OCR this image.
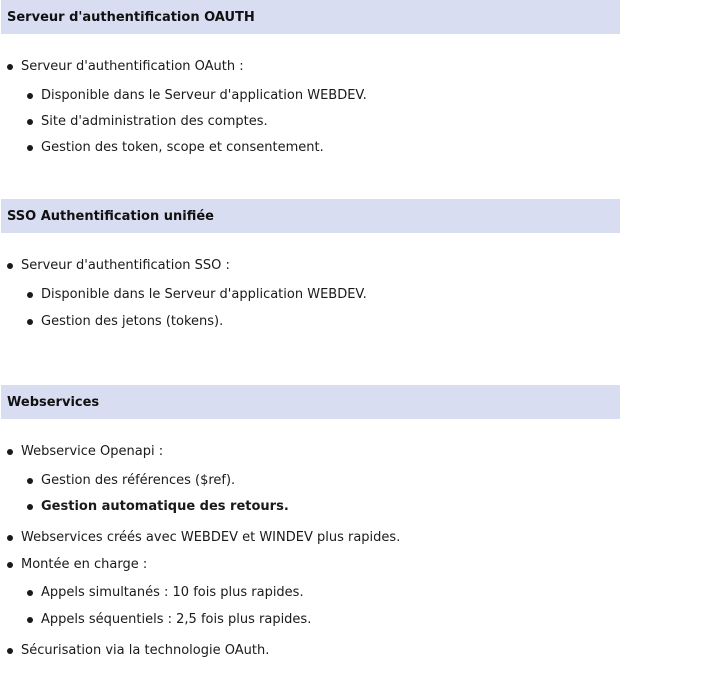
Serveur d'authentification OAUTH
Serveur d'authentification OAuth :
Disponible dans le Serveur d'application WEBDEV.
Site d'administration des comptes.
Gestion des token, scope et consentement.
SSO Authentification unifiée
Serveur d'authentification SSO :
Disponible dans le Serveur d'application WEBDEV.
Gestion des jetons (tokens).
Webservices
Webservice Openapi :
Gestion des références ($ref).
Gestion automatique des retours.
Webservices créés avec WEBDEV et WINDEV plus rapides.
Montée en charge :
Appels simultanés : 10 fois plus rapides.
Appels séquentiels : 2,5 fois plus rapides.
Sécurisation via la technologie OAuth.
